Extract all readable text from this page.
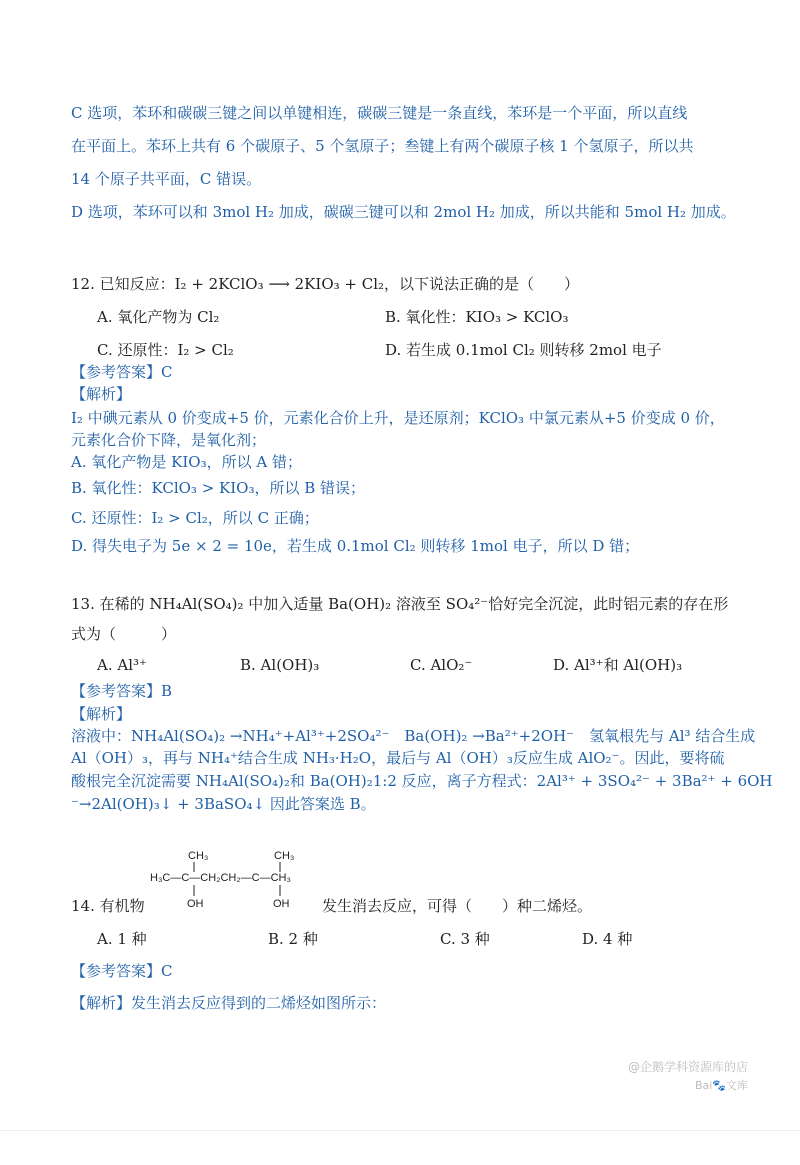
C 选项，苯环和碳碳三键之间以单键相连，碳碳三键是一条直线，苯环是一个平面，所以直线
在平面上。苯环上共有 6 个碳原子、5 个氢原子；叁键上有两个碳原子核 1 个氢原子，所以共
14 个原子共平面，C 错误。
D 选项，苯环可以和 3mol H₂ 加成，碳碳三键可以和 2mol H₂ 加成，所以共能和 5mol H₂ 加成。
12. 已知反应：I₂ + 2KClO₃ ⟶ 2KIO₃ + Cl₂，以下说法正确的是（　　）
A. 氧化产物为 Cl₂	B. 氧化性：KIO₃ > KClO₃
C. 还原性：I₂ > Cl₂	D. 若生成 0.1mol Cl₂ 则转移 2mol 电子
【参考答案】C
【解析】
I₂ 中碘元素从 0 价变成+5 价，元素化合价上升，是还原剂；KClO₃ 中氯元素从+5 价变成 0 价，
元素化合价下降，是氧化剂；
A. 氧化产物是 KIO₃，所以 A 错；
B. 氧化性：KClO₃ > KIO₃，所以 B 错误；
C. 还原性：I₂ > Cl₂，所以 C 正确；
D. 得失电子为 5e × 2 = 10e，若生成 0.1mol Cl₂ 则转移 1mol 电子，所以 D 错；
13. 在稀的 NH₄Al(SO₄)₂ 中加入适量 Ba(OH)₂ 溶液至 SO₄²⁻恰好完全沉淀，此时铝元素的存在形
式为（　　　）
A. Al³⁺	B. Al(OH)₃	C. AlO₂⁻	D. Al³⁺和 Al(OH)₃
【参考答案】B
【解析】
溶液中：NH₄Al(SO₄)₂ →NH₄⁺+Al³⁺+2SO₄²⁻　Ba(OH)₂ →Ba²⁺+2OH⁻　氢氧根先与 Al³ 结合生成
Al（OH）₃，再与 NH₄⁺结合生成 NH₃·H₂O，最后与 Al（OH）₃反应生成 AlO₂⁻。因此，要将硫
酸根完全沉淀需要 NH₄Al(SO₄)₂和 Ba(OH)₂1:2 反应，离子方程式：2Al³⁺ + 3SO₄²⁻ + 3Ba²⁺ + 6OH
⁻→2Al(OH)₃↓ + 3BaSO₄↓ 因此答案选 B。
CH₃	CH₃
H₃C—C—CH₂CH₂—C—CH₃
OH	OH
14. 有机物	发生消去反应，可得（　　）种二烯烃。
A. 1 种	B. 2 种	C. 3 种	D. 4 种
【参考答案】C
【解析】发生消去反应得到的二烯烃如图所示：
@企鹅学科资源库的店
Bai🐾文库
